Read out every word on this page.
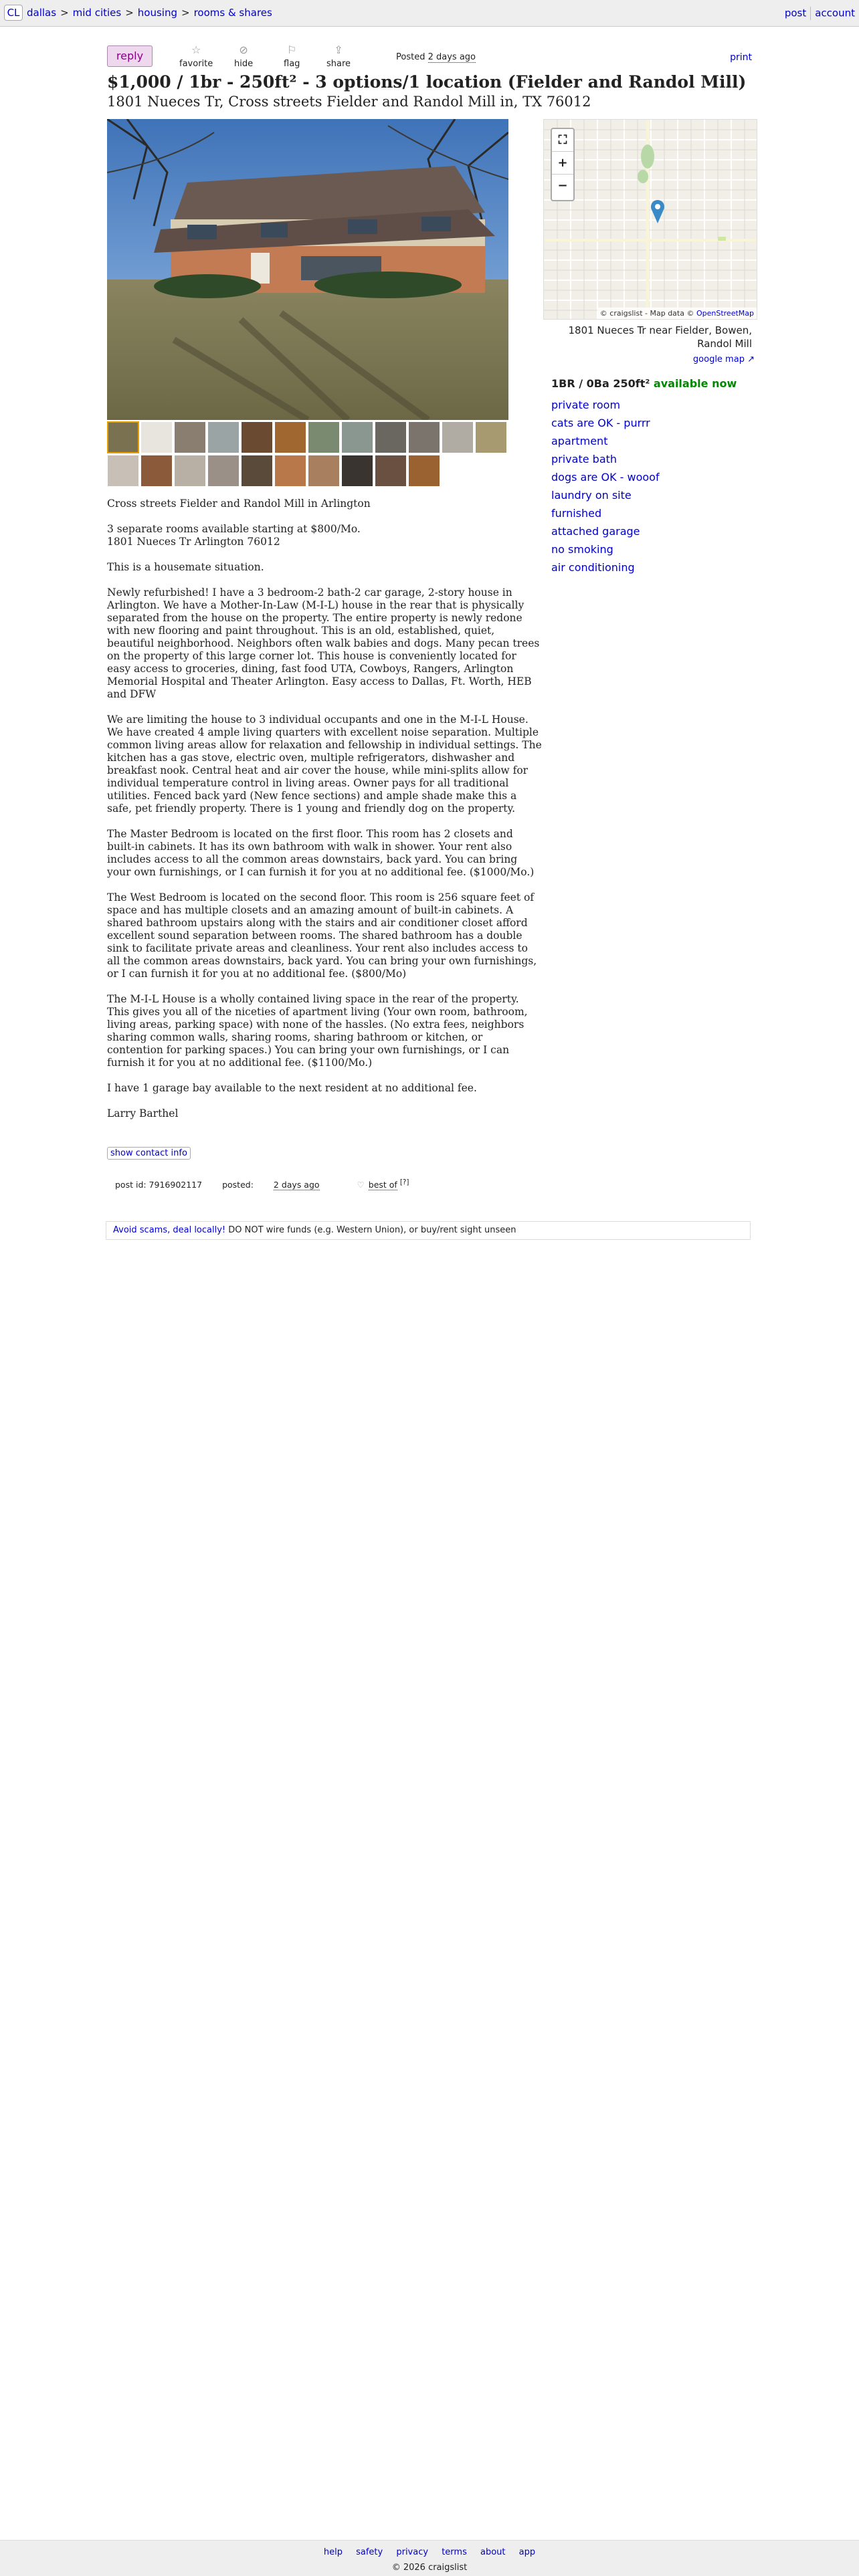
CL dallas > mid cities > housing > rooms & shares	post account
reply	☆
favorite
⊘
hide
⚐
flag
⇪
share
Posted 2 days ago	print
$1,000 / 1br - 250ft² - 3 options/1 location (Fielder and Randol Mill)
1801 Nueces Tr, Cross streets Fielder and Randol Mill in, TX 76012
⛶
+
−
© craigslist - Map data © OpenStreetMap
1801 Nueces Tr near Fielder, Bowen, Randol Mill
google map ↗
1BR / 0Ba 250ft² available now
private room
cats are OK - purrr
apartment
private bath
dogs are OK - wooof
laundry on site
furnished
attached garage
no smoking
air conditioning

Cross streets Fielder and Randol Mill in Arlington

3 separate rooms available starting at $800/Mo.
1801 Nueces Tr Arlington 76012

This is a housemate situation.

Newly refurbished! I have a 3 bedroom-2 bath-2 car garage, 2-story house in Arlington. We have a Mother-In-Law (M-I-L) house in the rear that is physically separated from the house on the property. The entire property is newly redone with new flooring and paint throughout. This is an old, established, quiet, beautiful neighborhood. Neighbors often walk babies and dogs. Many pecan trees on the property of this large corner lot. This house is conveniently located for easy access to groceries, dining, fast food UTA, Cowboys, Rangers, Arlington Memorial Hospital and Theater Arlington. Easy access to Dallas, Ft. Worth, HEB and DFW

We are limiting the house to 3 individual occupants and one in the M-I-L House. We have created 4 ample living quarters with excellent noise separation. Multiple common living areas allow for relaxation and fellowship in individual settings. The kitchen has a gas stove, electric oven, multiple refrigerators, dishwasher and breakfast nook. Central heat and air cover the house, while mini-splits allow for individual temperature control in living areas. Owner pays for all traditional utilities. Fenced back yard (New fence sections) and ample shade make this a safe, pet friendly property. There is 1 young and friendly dog on the property.

The Master Bedroom is located on the first floor. This room has 2 closets and built-in cabinets. It has its own bathroom with walk in shower. Your rent also includes access to all the common areas downstairs, back yard. You can bring your own furnishings, or I can furnish it for you at no additional fee. ($1000/Mo.)

The West Bedroom is located on the second floor. This room is 256 square feet of space and has multiple closets and an amazing amount of built-in cabinets. A shared bathroom upstairs along with the stairs and air conditioner closet afford excellent sound separation between rooms. The shared bathroom has a double sink to facilitate private areas and cleanliness. Your rent also includes access to all the common areas downstairs, back yard. You can bring your own furnishings, or I can furnish it for you at no additional fee. ($800/Mo)

The M-I-L House is a wholly contained living space in the rear of the property. This gives you all of the niceties of apartment living (Your own room, bathroom, living areas, parking space) with none of the hassles. (No extra fees, neighbors sharing common walls, sharing rooms, sharing bathroom or kitchen, or contention for parking spaces.) You can bring your own furnishings, or I can furnish it for you at no additional fee. ($1100/Mo.)

I have 1 garage bay available to the next resident at no additional fee.

Larry Barthel

show contact info
post id: 7916902117 posted: 2 days ago	♡ best of [?]
Avoid scams, deal locally! DO NOT wire funds (e.g. Western Union), or buy/rent sight unseen
help safety privacy terms about app
© 2026 craigslist
